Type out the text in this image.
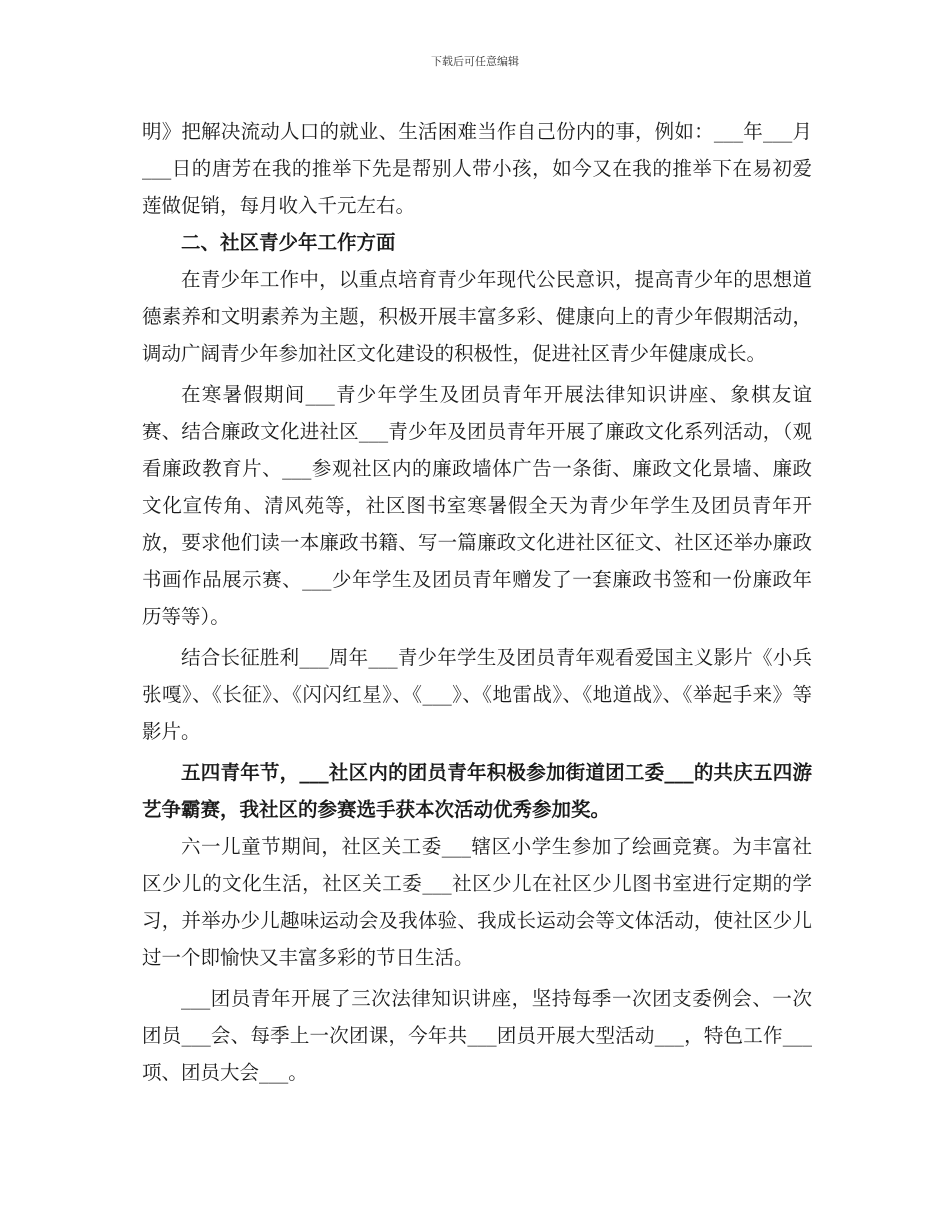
下载后可任意编辑

明》把解决流动人口的就业、生活困难当作自己份内的事，例如：___年___月___日的唐芳在我的推举下先是帮别人带小孩，如今又在我的推举下在易初爱莲做促销，每月收入千元左右。

二、社区青少年工作方面

在青少年工作中，以重点培育青少年现代公民意识，提高青少年的思想道德素养和文明素养为主题，积极开展丰富多彩、健康向上的青少年假期活动，调动广阔青少年参加社区文化建设的积极性，促进社区青少年健康成长。

在寒暑假期间___青少年学生及团员青年开展法律知识讲座、象棋友谊赛、结合廉政文化进社区___青少年及团员青年开展了廉政文化系列活动，（观看廉政教育片、___参观社区内的廉政墙体广告一条街、廉政文化景墙、廉政文化宣传角、清风苑等，社区图书室寒暑假全天为青少年学生及团员青年开放，要求他们读一本廉政书籍、写一篇廉政文化进社区征文、社区还举办廉政书画作品展示赛、___少年学生及团员青年赠发了一套廉政书签和一份廉政年历等等）。

结合长征胜利___周年___青少年学生及团员青年观看爱国主义影片《小兵张嘎》、《长征》、《闪闪红星》、《___》、《地雷战》、《地道战》、《举起手来》等影片。

五四青年节，___社区内的团员青年积极参加街道团工委___的共庆五四游艺争霸赛，我社区的参赛选手获本次活动优秀参加奖。

六一儿童节期间，社区关工委___辖区小学生参加了绘画竞赛。为丰富社区少儿的文化生活，社区关工委___社区少儿在社区少儿图书室进行定期的学习，并举办少儿趣味运动会及我体验、我成长运动会等文体活动，使社区少儿过一个即愉快又丰富多彩的节日生活。

___团员青年开展了三次法律知识讲座，坚持每季一次团支委例会、一次团员___会、每季上一次团课，今年共___团员开展大型活动___，特色工作___项、团员大会___。
